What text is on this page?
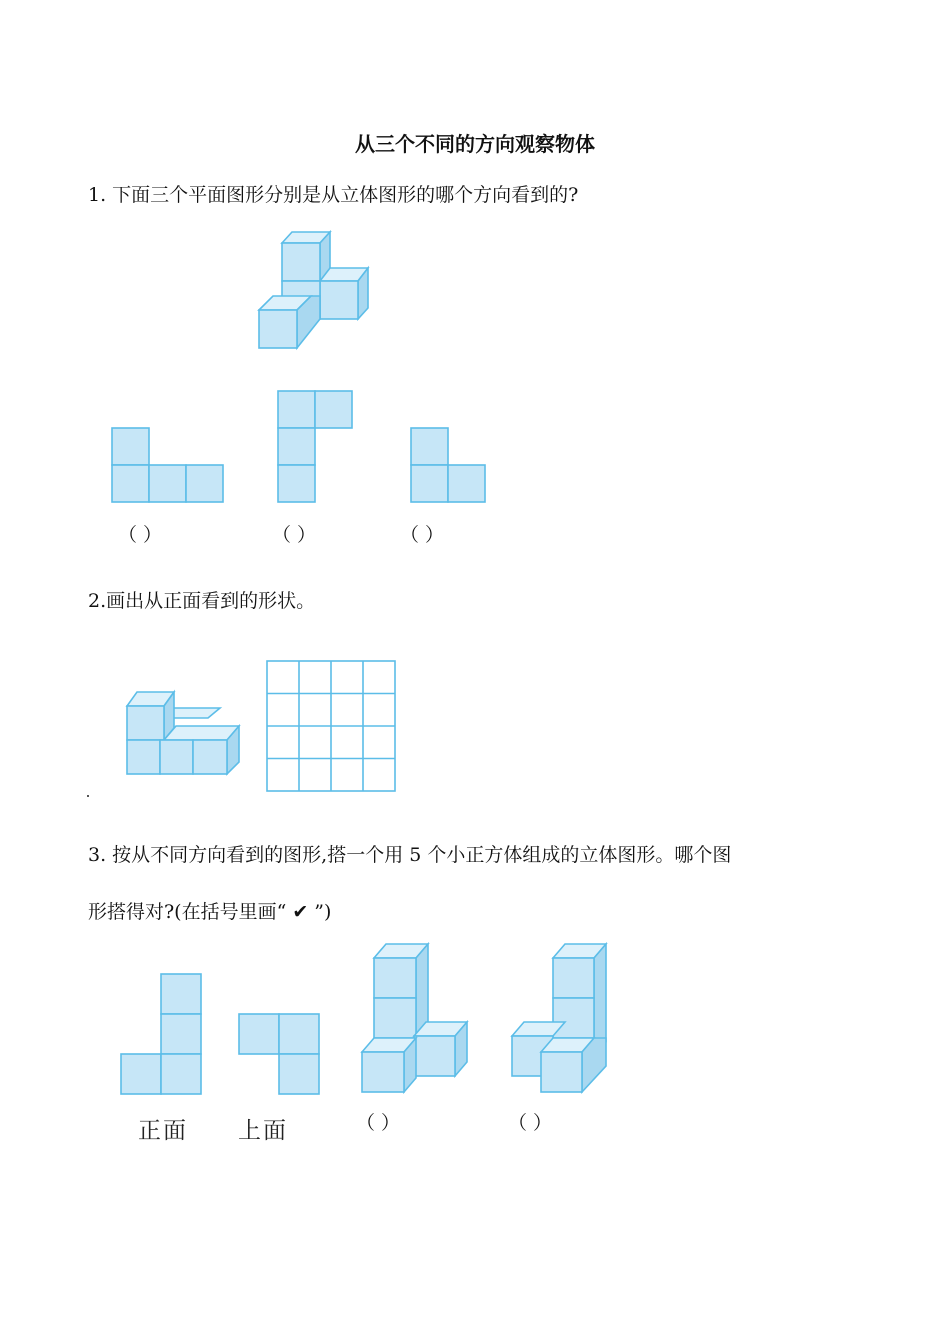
从三个不同的方向观察物体
1. 下面三个平面图形分别是从立体图形的哪个方向看到的?
（ ）	（ ）	（ ）
2.画出从正面看到的形状。
3. 按从不同方向看到的图形,搭一个用 5 个小正方体组成的立体图形。哪个图
形搭得对?(在括号里画“ ✔ ”)
正面 上面	（ ）	（ ）
